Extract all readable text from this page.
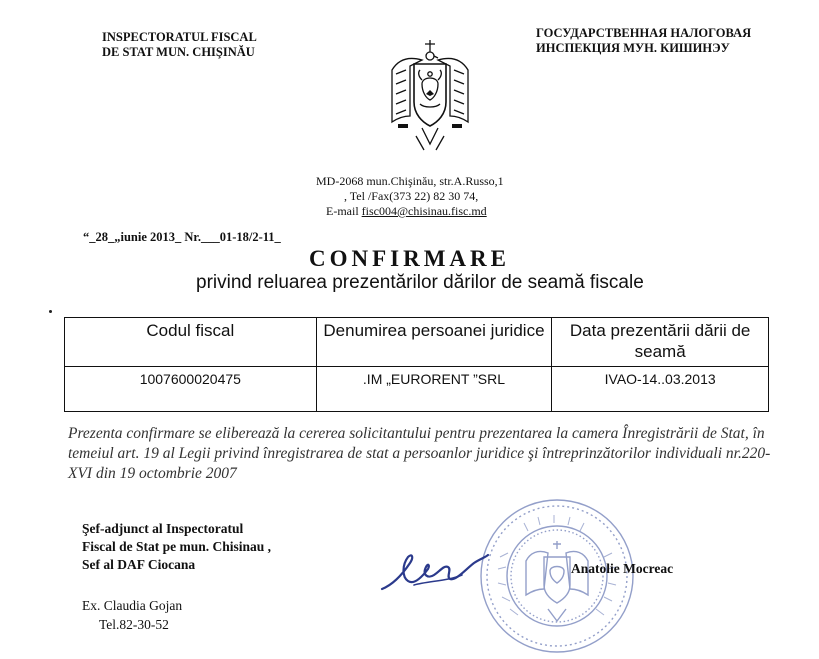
INSPECTORATUL FISCAL
DE STAT MUN. CHIŞINĂU
ГОСУДАРСТВЕННАЯ НАЛОГОВАЯ
ИНСПЕКЦИЯ МУН. КИШИНЭУ
MD-2068 mun.Chişinău, str.A.Russo,1
, Tel /Fax(373 22) 82 30 74,
E-mail fisc004@chisinau.fisc.md
“_28_„iunie 2013_ Nr.___01-18/2-11_
CONFIRMARE
privind reluarea prezentărilor dărilor de seamă fiscale
Codul fiscal	Denumirea persoanei juridice	Data prezentării dării de seamă
1007600020475	.IM „EURORENT ”SRL	IVAO-14..03.2013
Prezenta confirmare se eliberează la cererea solicitantului pentru prezentarea la camera Înregistrării de Stat, în temeiul art. 19 al Legii privind înregistrarea de stat a persoanlor juridice şi întreprinzătorilor individuali nr.220-XVI din 19 octombrie 2007
Şef-adjunct al Inspectoratul
Fiscal de Stat pe mun. Chisinau ,
Sef al DAF Ciocana	Anatolie Mocreac
Ex. Claudia Gojan
Tel.82-30-52
